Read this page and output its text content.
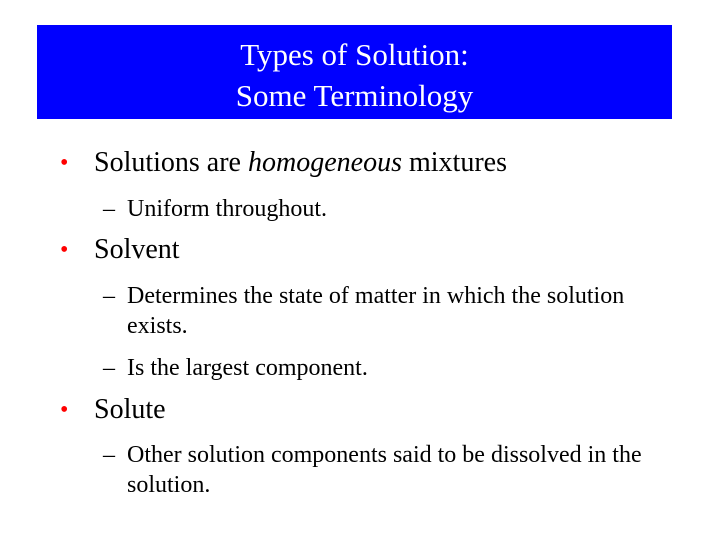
Types of Solution:
Some Terminology
• Solutions are homogeneous mixtures
– Uniform throughout.
• Solvent
– Determines the state of matter in which the solution exists.
– Is the largest component.
• Solute
– Other solution components said to be dissolved in the solution.
